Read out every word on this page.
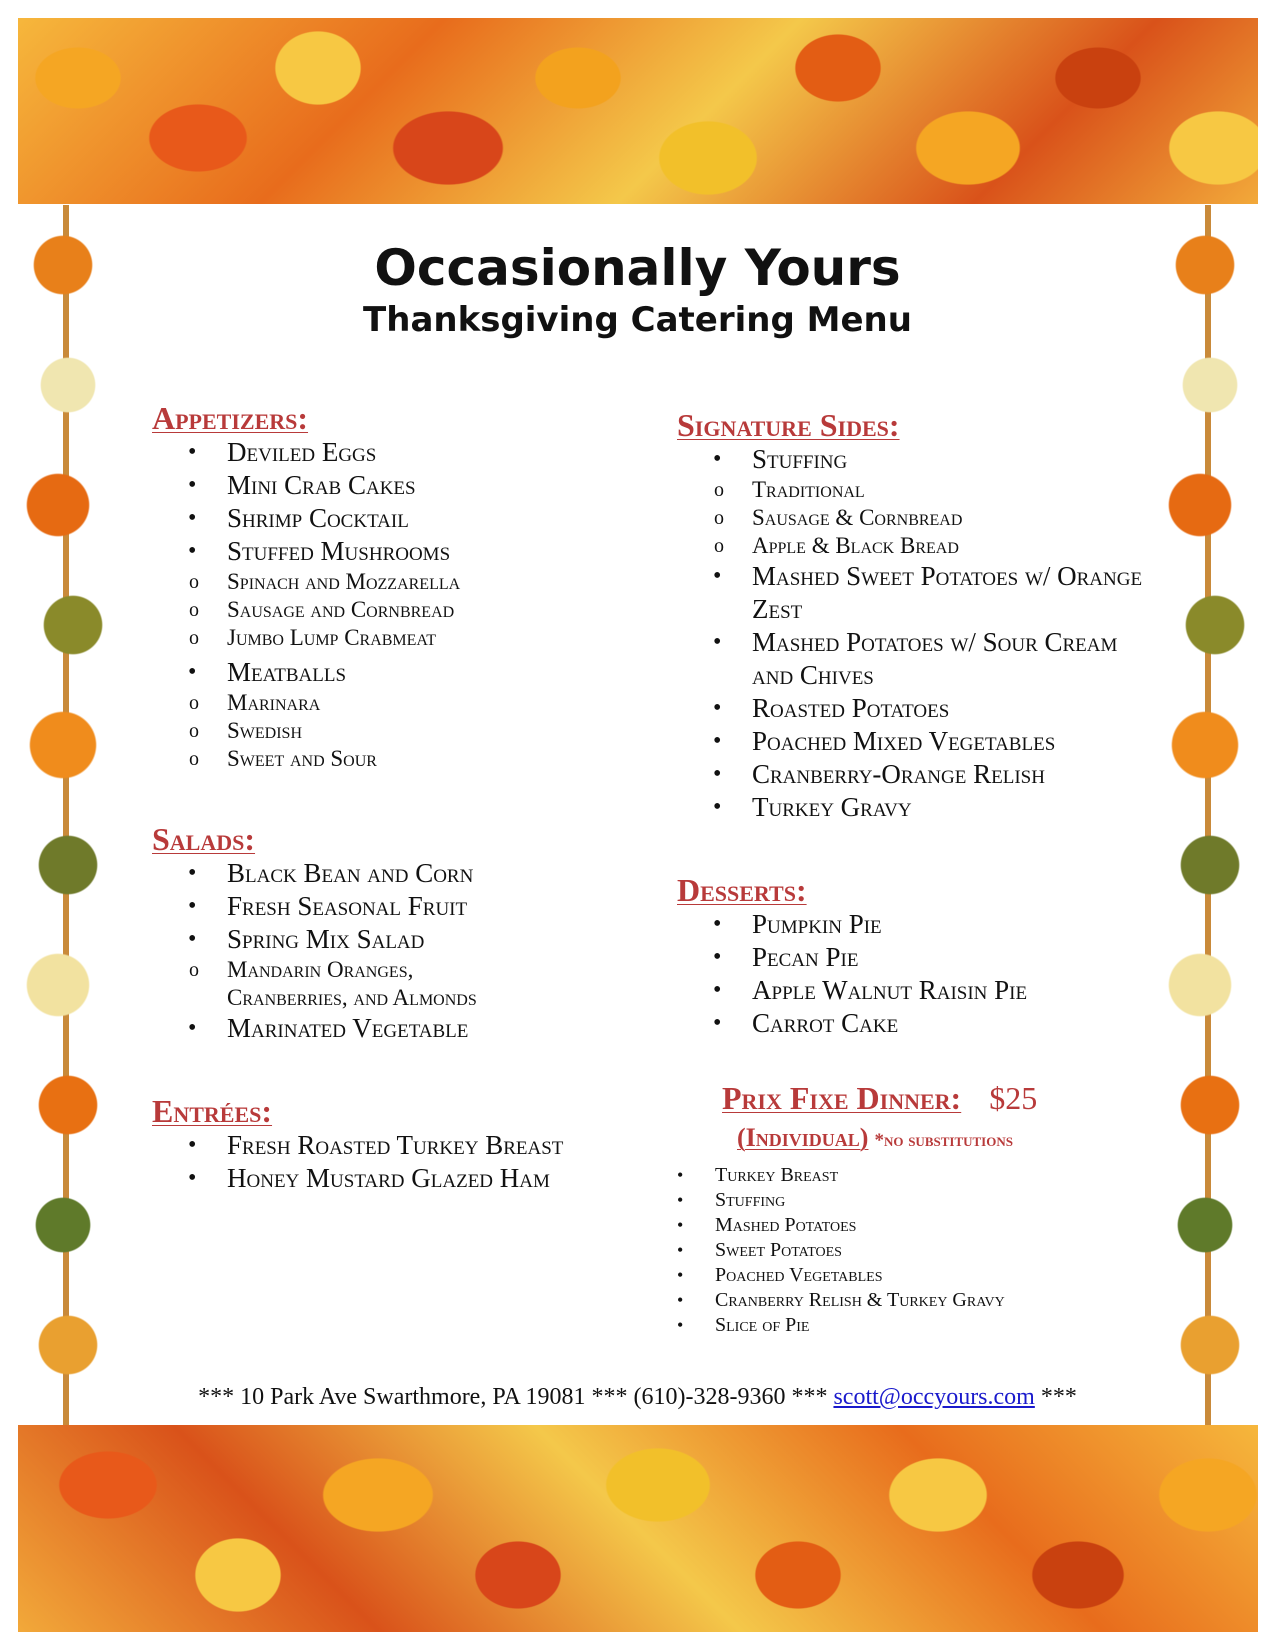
Occasionally Yours
Thanksgiving Catering Menu
Appetizers:
• Deviled Eggs
• Mini Crab Cakes
• Shrimp Cocktail
• Stuffed Mushrooms
o Spinach and Mozzarella
o Sausage and Cornbread
o Jumbo Lump Crabmeat
• Meatballs
o Marinara
o Swedish
o Sweet and Sour
Salads:
• Black Bean and Corn
• Fresh Seasonal Fruit
• Spring Mix Salad
o Mandarin Oranges, Cranberries, and Almonds
• Marinated Vegetable
Entrées:
• Fresh Roasted Turkey Breast
• Honey Mustard Glazed Ham
Signature Sides:
• Stuffing
o Traditional
o Sausage & Cornbread
o Apple & Black Bread
• Mashed Sweet Potatoes w/ Orange Zest
• Mashed Potatoes w/ Sour Cream and Chives
• Roasted Potatoes
• Poached Mixed Vegetables
• Cranberry-Orange Relish
• Turkey Gravy
Desserts:
• Pumpkin Pie
• Pecan Pie
• Apple Walnut Raisin Pie
• Carrot Cake
Prix Fixe Dinner: $25
(Individual) *no substitutions
• Turkey Breast
• Stuffing
• Mashed Potatoes
• Sweet Potatoes
• Poached Vegetables
• Cranberry Relish & Turkey Gravy
• Slice of Pie
*** 10 Park Ave Swarthmore, PA 19081 *** (610)-328-9360 *** scott@occyours.com ***
